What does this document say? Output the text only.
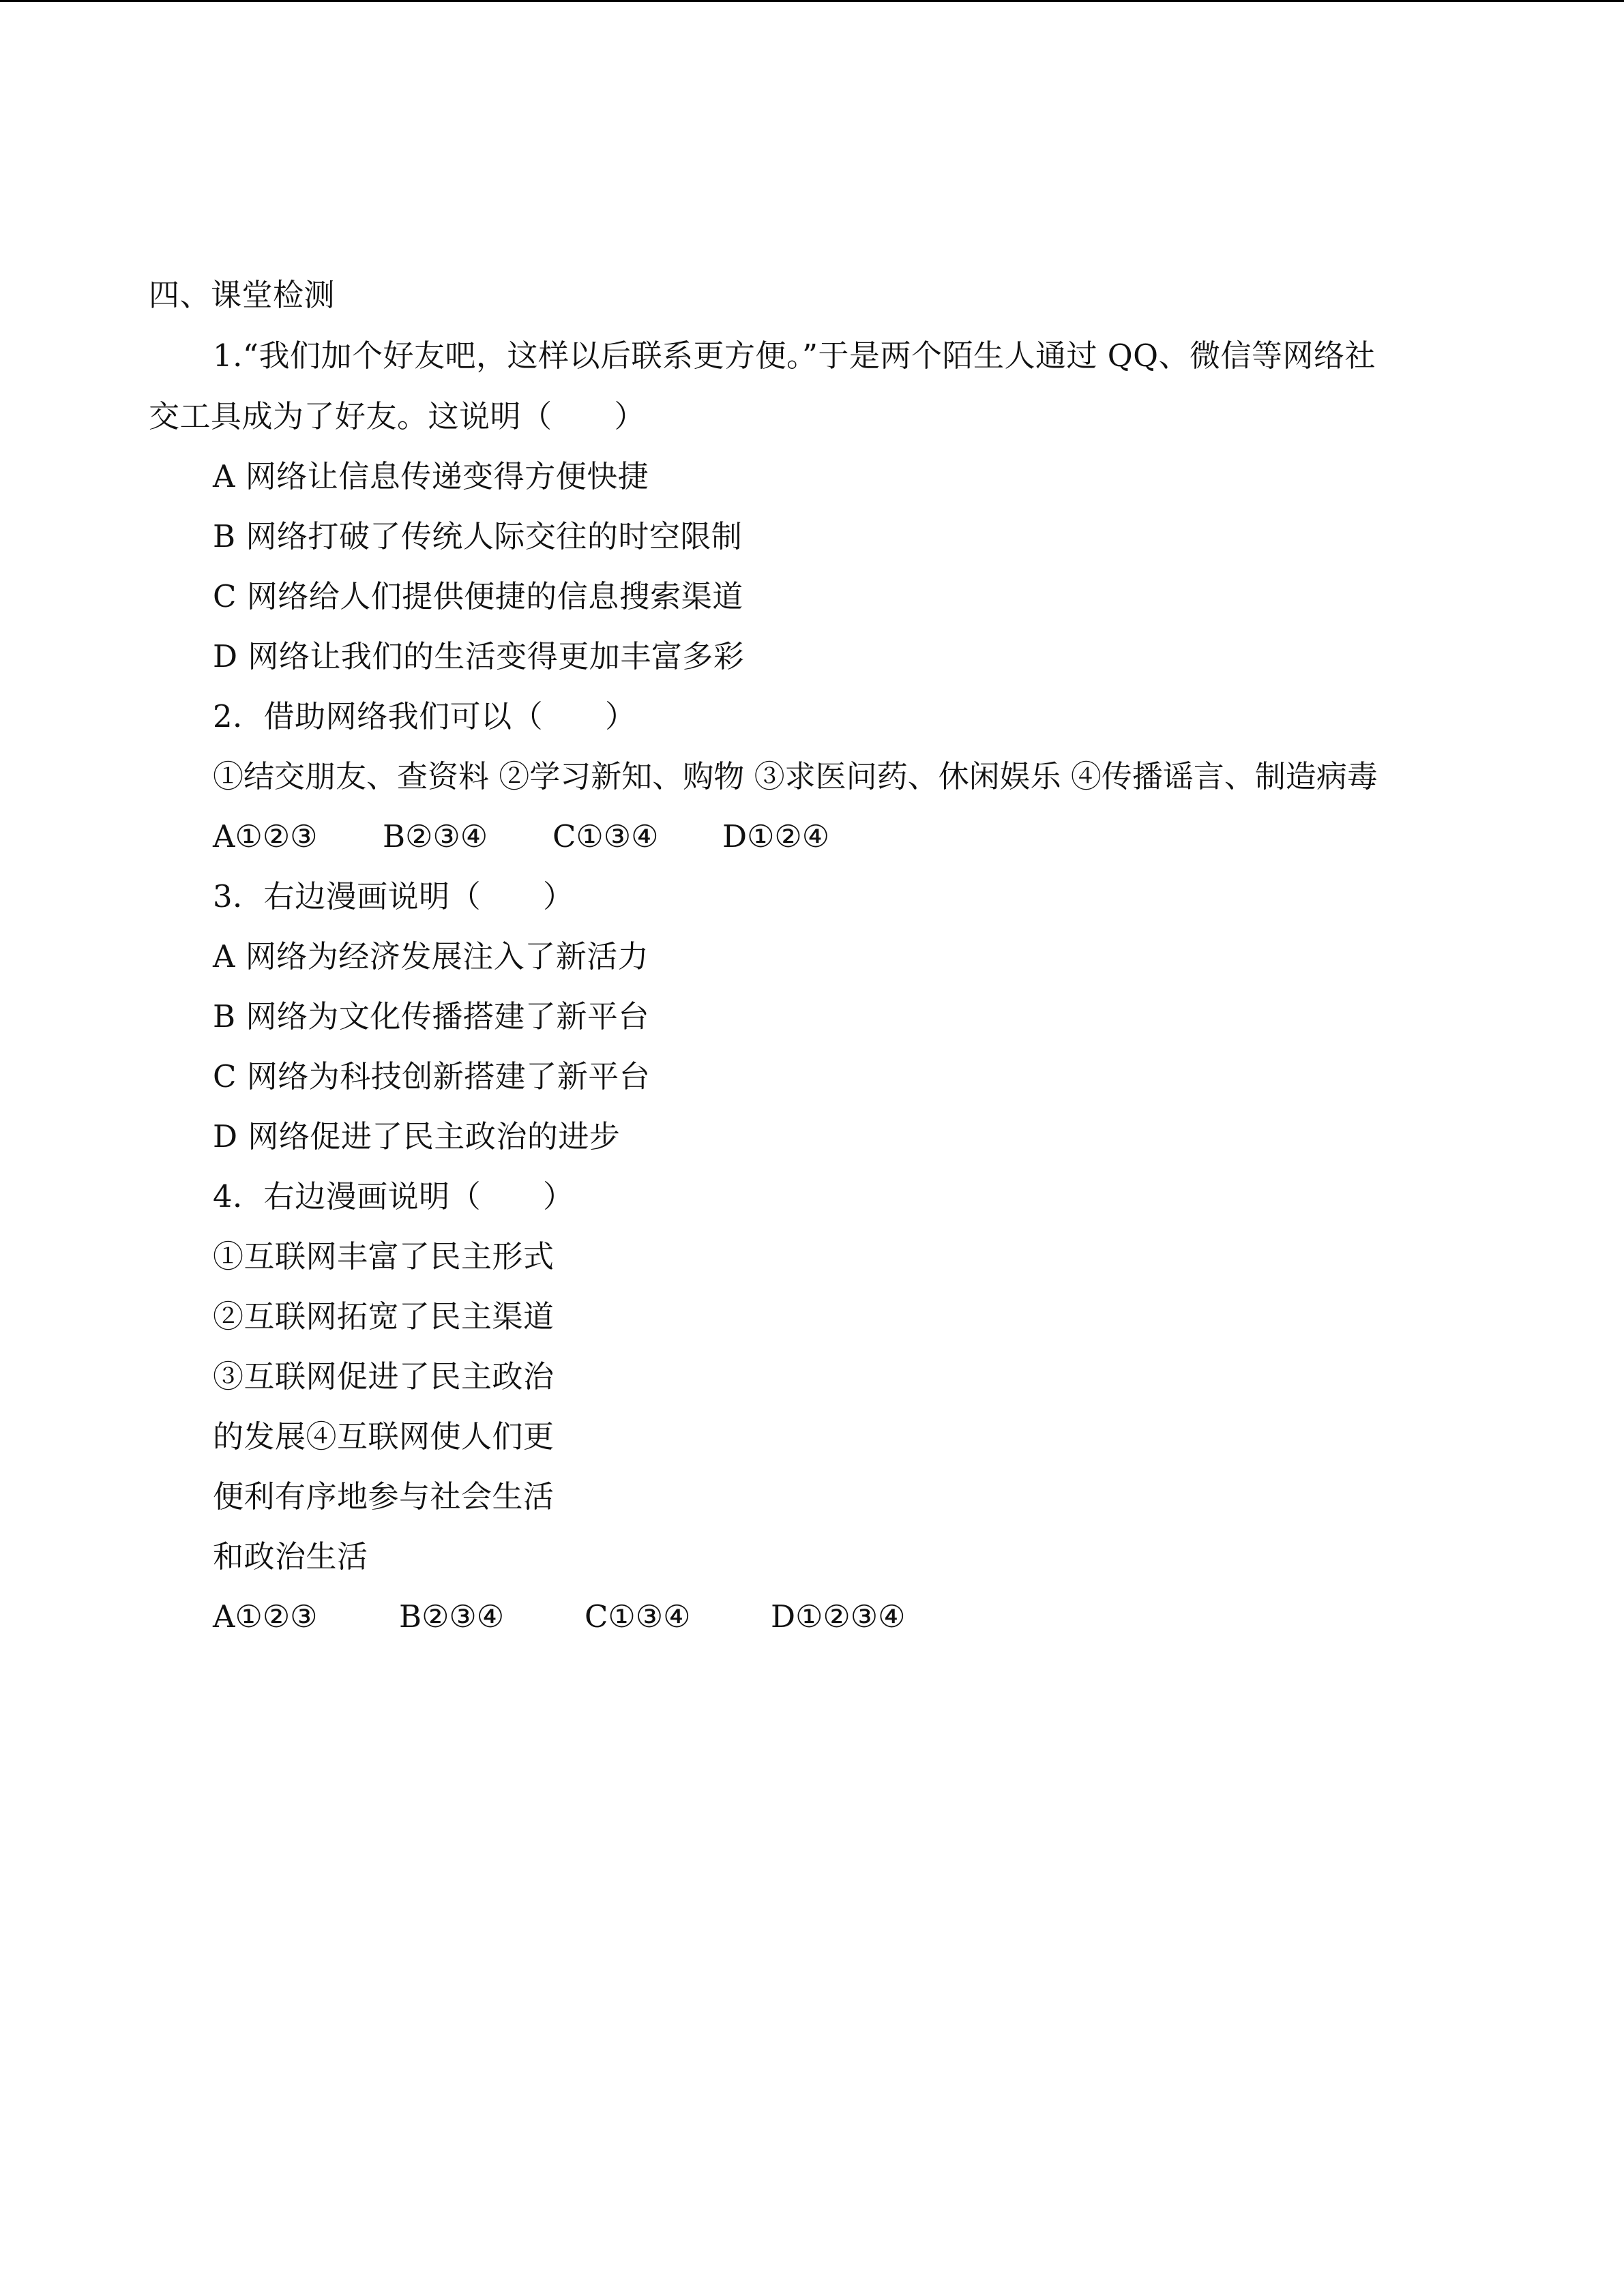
四、课堂检测
1.“我们加个好友吧，这样以后联系更方便。”于是两个陌生人通过 QQ、微信等网络社
交工具成为了好友。这说明（　　）
A 网络让信息传递变得方便快捷
B 网络打破了传统人际交往的时空限制
C 网络给人们提供便捷的信息搜索渠道
D 网络让我们的生活变得更加丰富多彩
2．借助网络我们可以（　　）
①结交朋友、查资料 ②学习新知、购物 ③求医问药、休闲娱乐 ④传播谣言、制造病毒
A①②③ B②③④ C①③④ D①②④
3．右边漫画说明（　　）
A 网络为经济发展注入了新活力
B 网络为文化传播搭建了新平台
C 网络为科技创新搭建了新平台
D 网络促进了民主政治的进步
4．右边漫画说明（　　）
①互联网丰富了民主形式
②互联网拓宽了民主渠道
③互联网促进了民主政治
的发展④互联网使人们更
便利有序地参与社会生活
和政治生活
A①②③	B②③④	C①③④	D①②③④
